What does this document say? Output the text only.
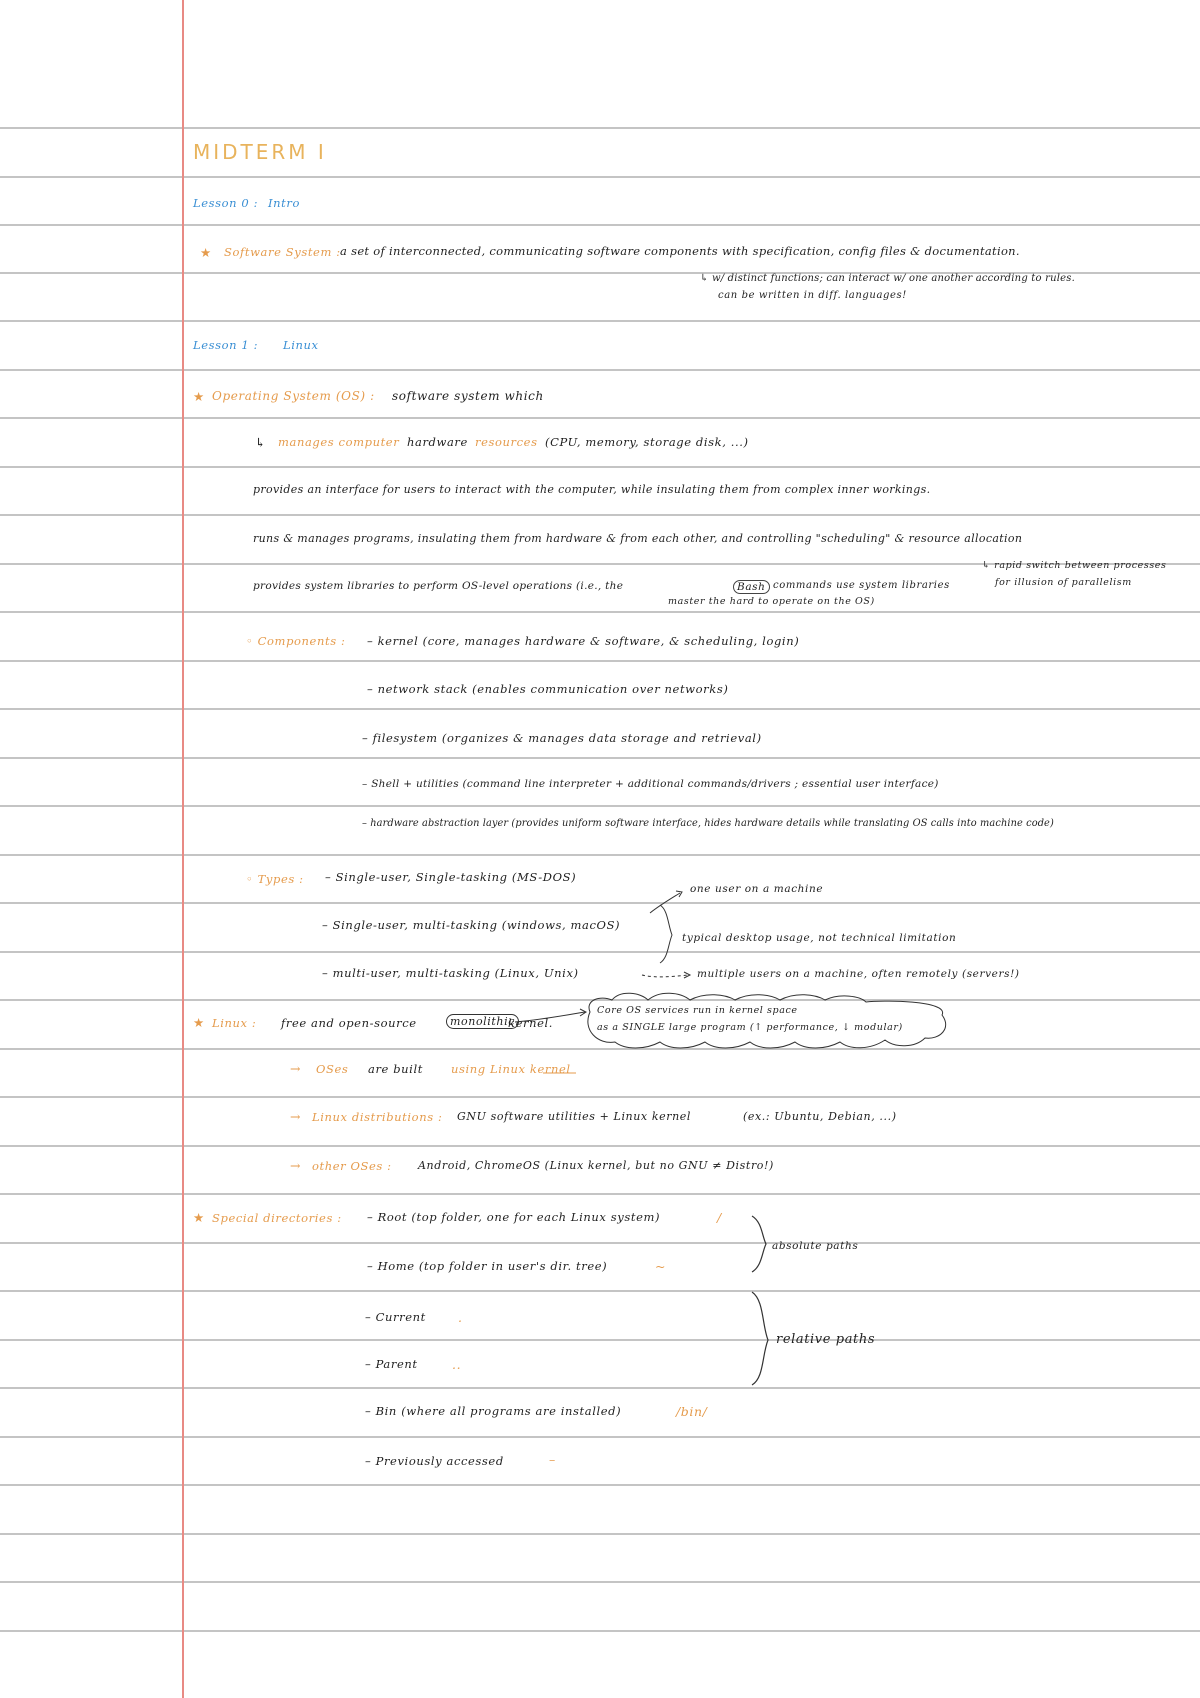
MIDTERM I
Lesson 0 : Intro
★ Software System : a set of interconnected, communicating software components with specification, config files & documentation.
↳ w/ distinct functions; can interact w/ one another according to rules.
can be written in diff. languages!
Lesson 1 : Linux
★ Operating System (OS) : software system which
↳ manages computer hardware resources (CPU, memory, storage disk, ...)
provides an interface for users to interact with the computer, while insulating them from complex inner workings.
runs & manages programs, insulating them from hardware & from each other, and controlling "scheduling" & resource allocation
provides system libraries to perform OS-level operations (i.e., the	Bash commands use system libraries
master the hard to operate on the OS)
↳ rapid switch between processes
for illusion of parallelism
◦ Components : – kernel (core, manages hardware & software, & scheduling, login)
– network stack (enables communication over networks)
– filesystem (organizes & manages data storage and retrieval)
– Shell + utilities (command line interpreter + additional commands/drivers ; essential user interface)
– hardware abstraction layer (provides uniform software interface, hides hardware details while translating OS calls into machine code)
◦ Types : – Single-user, Single-tasking (MS-DOS)
– Single-user, multi-tasking (windows, macOS)
– multi-user, multi-tasking (Linux, Unix)
one user on a machine
typical desktop usage, not technical limitation
multiple users on a machine, often remotely (servers!)
★ Linux : free and open-source	monolithic
kernel.
Core OS services run in kernel space
as a SINGLE large program (↑ performance, ↓ modular)
→ OSes are built using Linux kernel
→ Linux distributions : GNU software utilities + Linux kernel	(ex.: Ubuntu, Debian, ...)
→ other OSes : Android, ChromeOS (Linux kernel, but no GNU ≠ Distro!)
★ Special directories : – Root (top folder, one for each Linux system)	/
– Home (top folder in user's dir. tree)	~
– Current	.
– Parent	..
– Bin (where all programs are installed)	/bin/
– Previously accessed	–
absolute paths
relative paths
